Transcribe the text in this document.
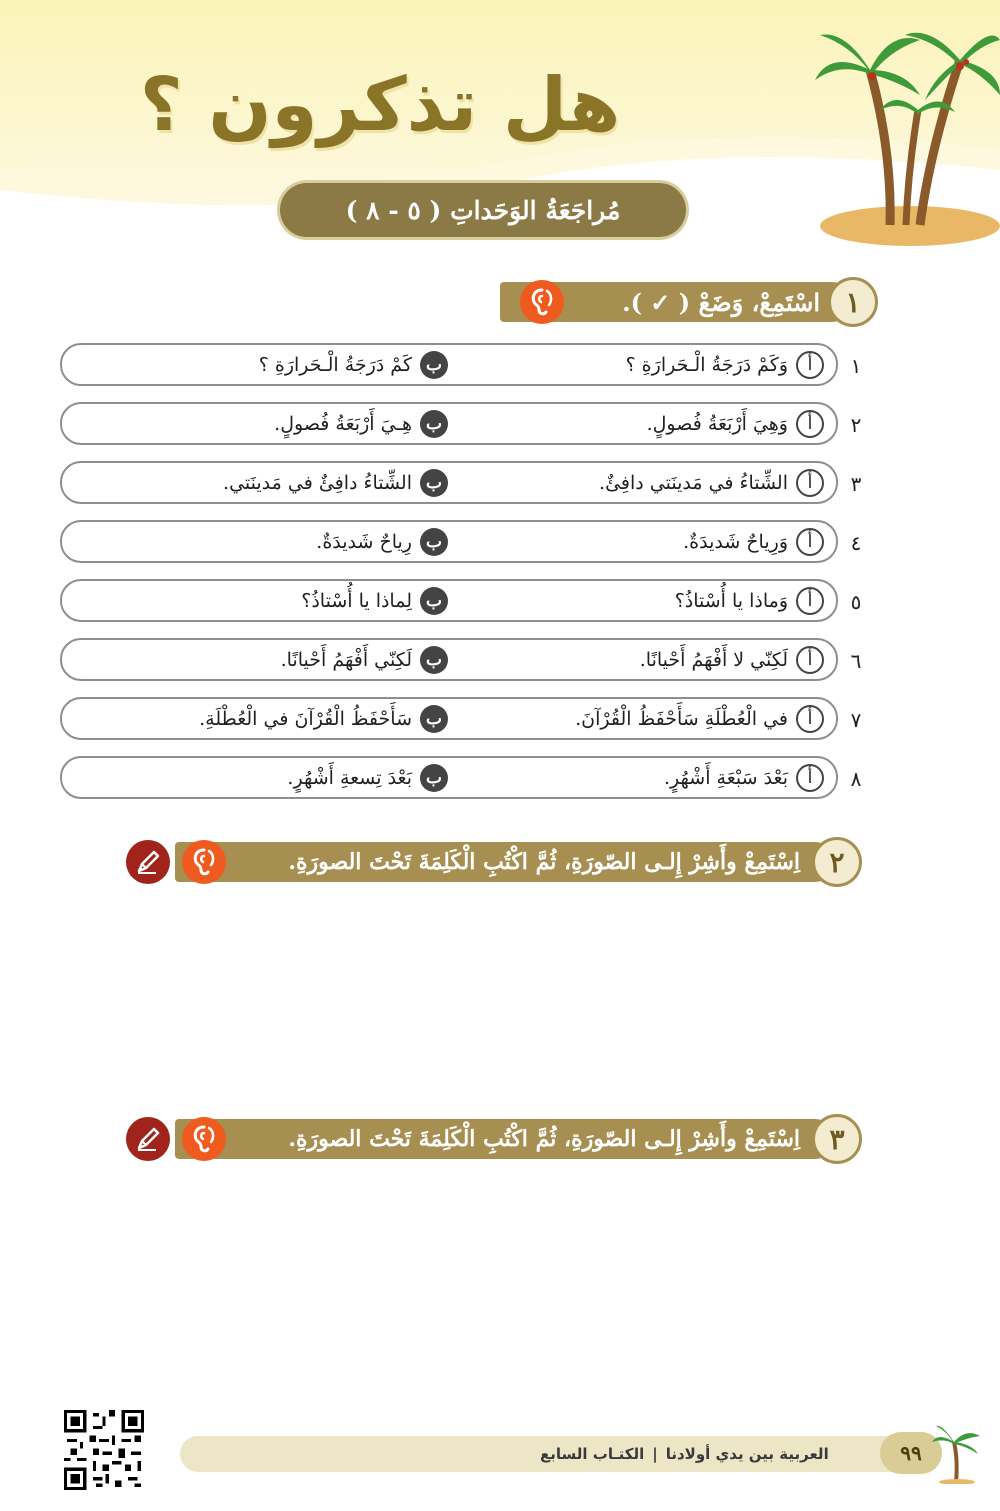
هل تذكرون ؟
مُراجَعَةُ الوَحَداتِ ( ٥ - ٨ )
١
اسْتَمِعْ، وَضَعْ ( ✓ ).
١
أ
وَكَمْ دَرَجَةُ الْـحَرارَةِ ؟
ب
كَمْ دَرَجَةُ الْـحَرارَةِ ؟
٢
أ
وَهِيَ أَرْبَعَةُ فُصولٍ.
ب
هِـيَ أَرْبَعَةُ فُصولٍ.
٣
أ
الشِّتاءُ في مَدينَتي دافِئٌ.
ب
الشِّتاءُ دافِئٌ في مَدينَتي.
٤
أ
وَرِياحٌ شَديدَةٌ.
ب
رِياحٌ شَديدَةٌ.
٥
أ
وَماذا يا أُسْتاذُ؟
ب
لِماذا يا أُسْتاذُ؟
٦
أ
لَكِنّي لا أَفْهَمُ أَحْيانًا.
ب
لَكِنّي أَفْهَمُ أَحْيانًا.
٧
أ
في الْعُطْلَةِ سَأَحْفَظُ الْقُرْآنَ.
ب
سَأَحْفَظُ الْقُرْآنَ في الْعُطْلَةِ.
٨
أ
بَعْدَ سَبْعَةِ أَشْهُرٍ.
ب
بَعْدَ تِسعةِ أَشْهُرٍ.
٢
اِسْتَمِعْ وأَشِرْ إِلـى الصّورَةِ، ثُمَّ اكْتُبِ الْكَلِمَةَ تَحْتَ الصورَةِ.
٣
اِسْتَمِعْ وأَشِرْ إِلـى الصّورَةِ، ثُمَّ اكْتُبِ الْكَلِمَةَ تَحْتَ الصورَةِ.
العربية بين يدي أولادنا
|
الكتـاب السابع	٩٩
